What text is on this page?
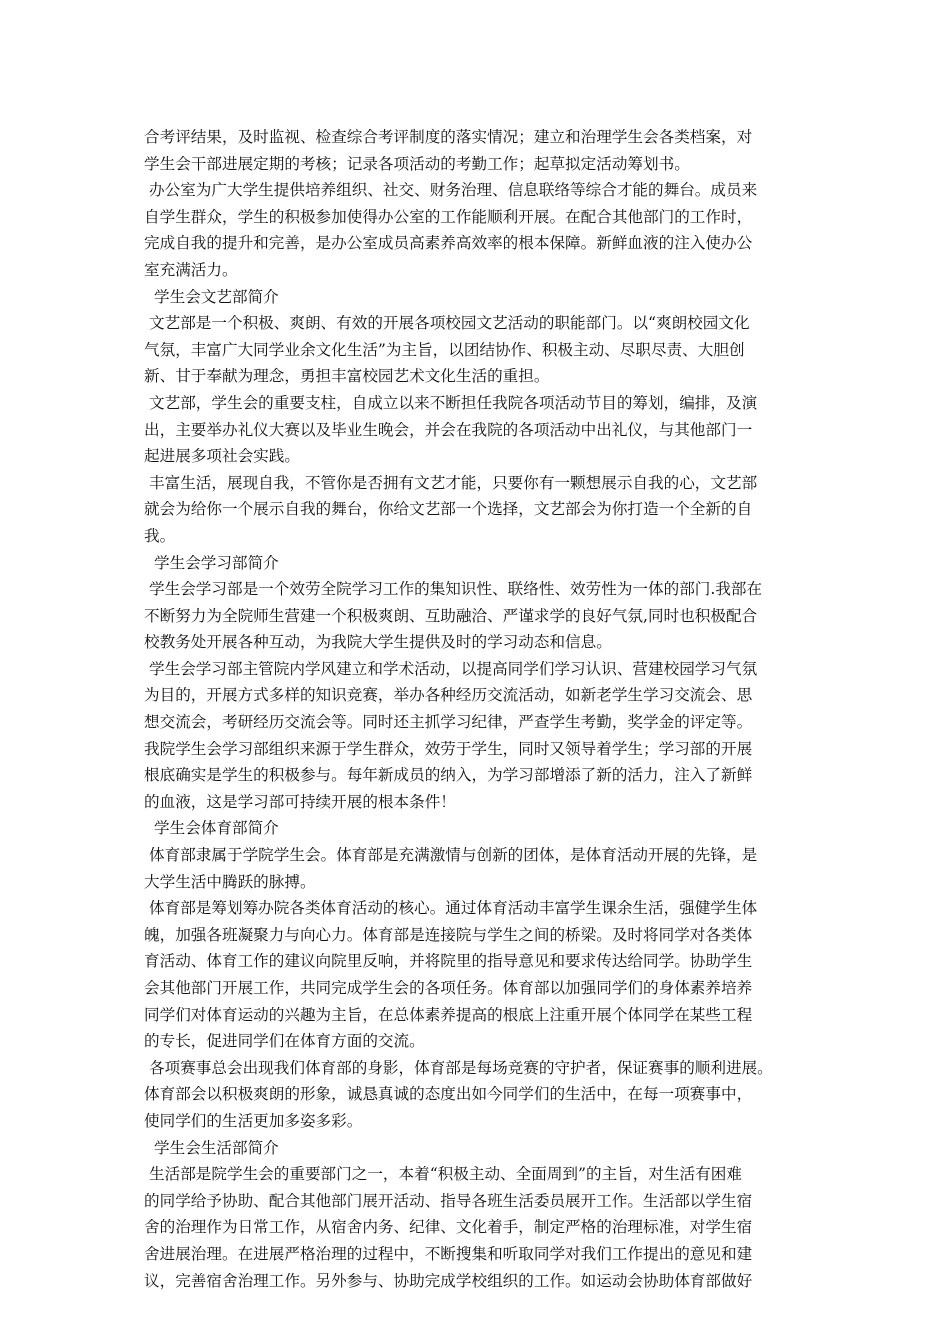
合考评结果，及时监视、检查综合考评制度的落实情况；建立和治理学生会各类档案，对
学生会干部进展定期的考核；记录各项活动的考勤工作；起草拟定活动筹划书。
办公室为广大学生提供培养组织、社交、财务治理、信息联络等综合才能的舞台。成员来
自学生群众，学生的积极参加使得办公室的工作能顺利开展。在配合其他部门的工作时，
完成自我的提升和完善，是办公室成员高素养高效率的根本保障。新鲜血液的注入使办公
室充满活力。
学生会文艺部简介
文艺部是一个积极、爽朗、有效的开展各项校园文艺活动的职能部门。以“爽朗校园文化
气氛，丰富广大同学业余文化生活”为主旨，以团结协作、积极主动、尽职尽责、大胆创
新、甘于奉献为理念，勇担丰富校园艺术文化生活的重担。
文艺部，学生会的重要支柱，自成立以来不断担任我院各项活动节目的筹划，编排，及演
出，主要举办礼仪大赛以及毕业生晚会，并会在我院的各项活动中出礼仪，与其他部门一
起进展多项社会实践。
丰富生活，展现自我，不管你是否拥有文艺才能，只要你有一颗想展示自我的心，文艺部
就会为给你一个展示自我的舞台，你给文艺部一个选择，文艺部会为你打造一个全新的自
我。
学生会学习部简介
学生会学习部是一个效劳全院学习工作的集知识性、联络性、效劳性为一体的部门.我部在
不断努力为全院师生营建一个积极爽朗、互助融洽、严谨求学的良好气氛,同时也积极配合
校教务处开展各种互动，为我院大学生提供及时的学习动态和信息。
学生会学习部主管院内学风建立和学术活动，以提高同学们学习认识、营建校园学习气氛
为目的，开展方式多样的知识竞赛，举办各种经历交流活动，如新老学生学习交流会、思
想交流会，考研经历交流会等。同时还主抓学习纪律，严查学生考勤，奖学金的评定等。
我院学生会学习部组织来源于学生群众，效劳于学生，同时又领导着学生；学习部的开展
根底确实是学生的积极参与。每年新成员的纳入，为学习部增添了新的活力，注入了新鲜
的血液，这是学习部可持续开展的根本条件！
学生会体育部简介
体育部隶属于学院学生会。体育部是充满激情与创新的团体，是体育活动开展的先锋，是
大学生活中腾跃的脉搏。
体育部是筹划筹办院各类体育活动的核心。通过体育活动丰富学生课余生活，强健学生体
魄，加强各班凝聚力与向心力。体育部是连接院与学生之间的桥梁。及时将同学对各类体
育活动、体育工作的建议向院里反响，并将院里的指导意见和要求传达给同学。协助学生
会其他部门开展工作，共同完成学生会的各项任务。体育部以加强同学们的身体素养培养
同学们对体育运动的兴趣为主旨，在总体素养提高的根底上注重开展个体同学在某些工程
的专长，促进同学们在体育方面的交流。
各项赛事总会出现我们体育部的身影，体育部是每场竞赛的守护者，保证赛事的顺利进展。
体育部会以积极爽朗的形象，诚恳真诚的态度出如今同学们的生活中，在每一项赛事中，
使同学们的生活更加多姿多彩。
学生会生活部简介
生活部是院学生会的重要部门之一，本着“积极主动、全面周到”的主旨，对生活有困难
的同学给予协助、配合其他部门展开活动、指导各班生活委员展开工作。生活部以学生宿
舍的治理作为日常工作，从宿舍内务、纪律、文化着手，制定严格的治理标准，对学生宿
舍进展治理。在进展严格治理的过程中，不断搜集和听取同学对我们工作提出的意见和建
议，完善宿舍治理工作。另外参与、协助完成学校组织的工作。如运动会协助体育部做好
